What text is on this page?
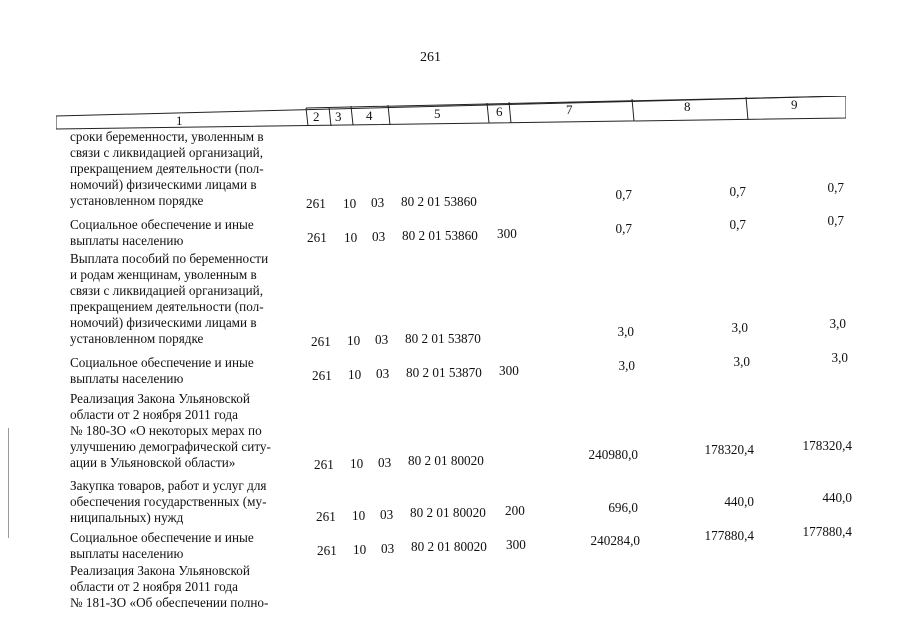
261
1	2 3 4	5	6	7	8	9
сроки беременности, уволенным в
связи с ликвидацией организаций,
прекращением деятельности (пол-
номочий) физическими лицами в
установленном порядке	261 10 03 80 2 01 53860	0,7	0,7	0,7
Социальное обеспечение и иные
выплаты населению	261 10 03 80 2 01 53860 300	0,7	0,7	0,7
Выплата пособий по беременности
и родам женщинам, уволенным в
связи с ликвидацией организаций,
прекращением деятельности (пол-
номочий) физическими лицами в
установленном порядке	261 10 03 80 2 01 53870	3,0	3,0	3,0
Социальное обеспечение и иные
выплаты населению	261 10 03 80 2 01 53870 300	3,0	3,0	3,0
Реализация Закона Ульяновской
области от 2 ноября 2011 года
№ 180-ЗО «О некоторых мерах по
улучшению демографической ситу-
ации в Ульяновской области»	261 10 03 80 2 01 80020	240980,0	178320,4	178320,4
Закупка товаров, работ и услуг для
обеспечения государственных (му-
ниципальных) нужд	261 10 03 80 2 01 80020 200	696,0	440,0	440,0
Социальное обеспечение и иные
выплаты населению	261 10 03 80 2 01 80020 300	240284,0	177880,4	177880,4
Реализация Закона Ульяновской
области от 2 ноября 2011 года
№ 181-ЗО «Об обеспечении полно-
